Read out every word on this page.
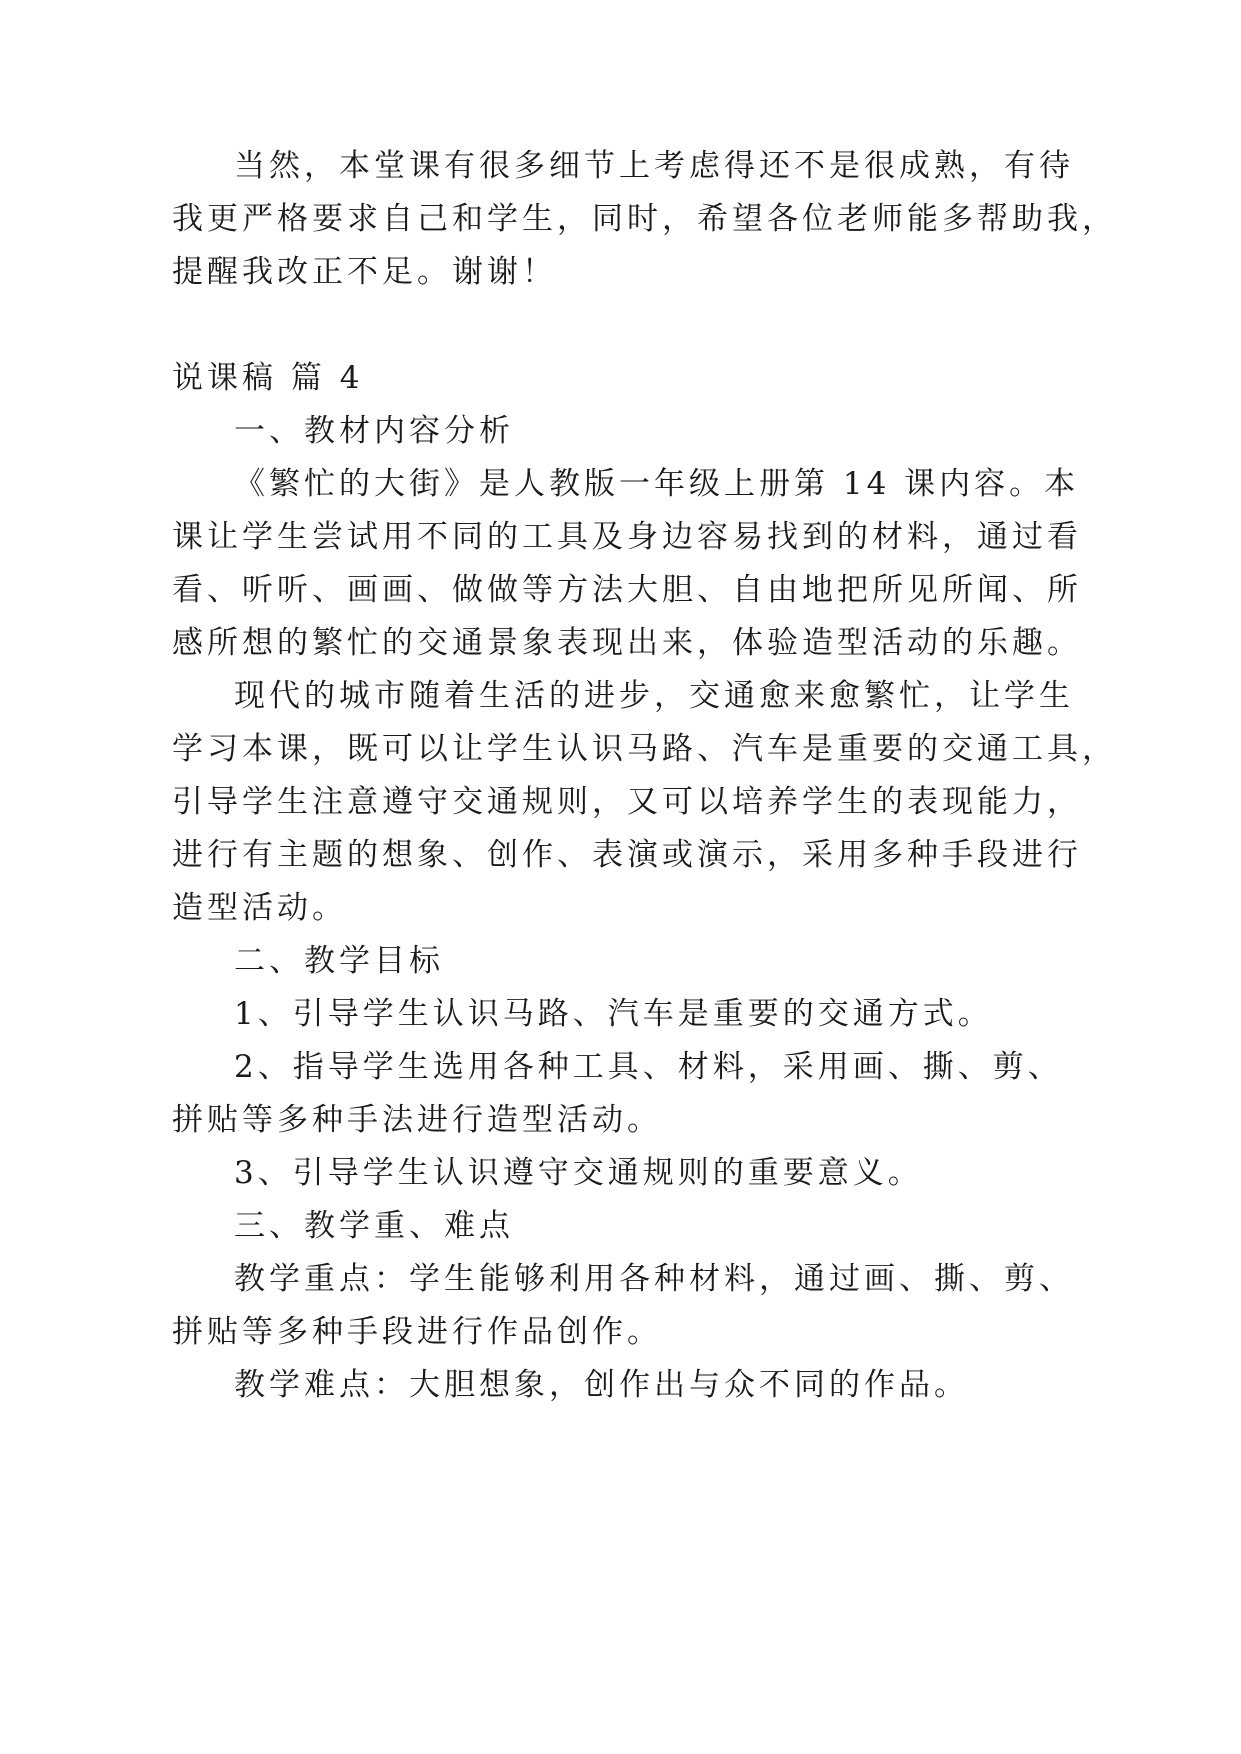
当然，本堂课有很多细节上考虑得还不是很成熟，有待

我更严格要求自己和学生，同时，希望各位老师能多帮助我，

提醒我改正不足。谢谢！

说课稿 篇 4

一、教材内容分析

《繁忙的大街》是人教版一年级上册第 14 课内容。本

课让学生尝试用不同的工具及身边容易找到的材料，通过看

看、听听、画画、做做等方法大胆、自由地把所见所闻、所

感所想的繁忙的交通景象表现出来，体验造型活动的乐趣。

现代的城市随着生活的进步，交通愈来愈繁忙，让学生

学习本课，既可以让学生认识马路、汽车是重要的交通工具，

引导学生注意遵守交通规则，又可以培养学生的表现能力，

进行有主题的想象、创作、表演或演示，采用多种手段进行

造型活动。

二、教学目标

1、引导学生认识马路、汽车是重要的交通方式。

2、指导学生选用各种工具、材料，采用画、撕、剪、

拼贴等多种手法进行造型活动。

3、引导学生认识遵守交通规则的重要意义。

三、教学重、难点

教学重点：学生能够利用各种材料，通过画、撕、剪、

拼贴等多种手段进行作品创作。

教学难点：大胆想象，创作出与众不同的作品。
